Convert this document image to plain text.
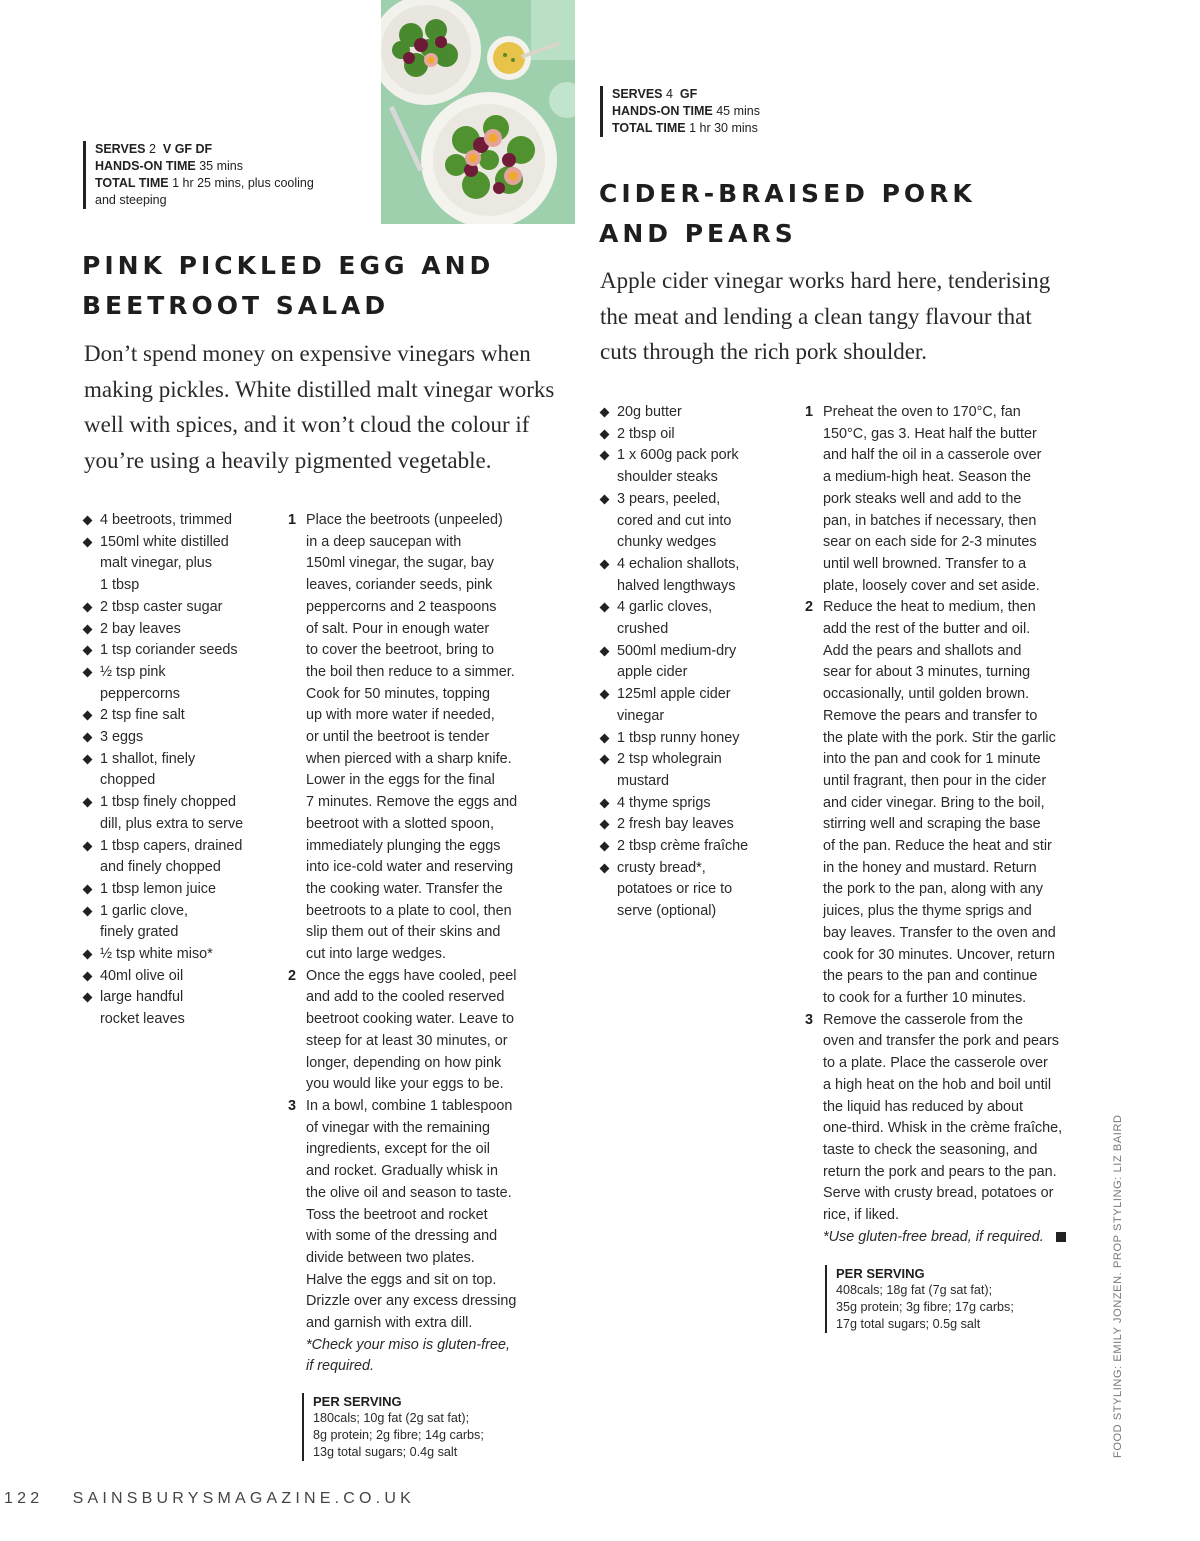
SERVES 2 V GF DF
HANDS-ON TIME 35 mins
TOTAL TIME 1 hr 25 mins, plus cooling
and steeping
PINK PICKLED EGG AND
BEETROOT SALAD
Don’t spend money on expensive vinegars when
making pickles. White distilled malt vinegar works
well with spices, and it won’t cloud the colour if
you’re using a heavily pigmented vegetable.
4 beetroots, trimmed
150ml white distilled
malt vinegar, plus
1 tbsp
2 tbsp caster sugar
2 bay leaves
1 tsp coriander seeds
½ tsp pink
peppercorns
2 tsp fine salt
3 eggs
1 shallot, finely
chopped
1 tbsp finely chopped
dill, plus extra to serve
1 tbsp capers, drained
and finely chopped
1 tbsp lemon juice
1 garlic clove,
finely grated
½ tsp white miso*
40ml olive oil
large handful
rocket leaves
1 Place the beetroots (unpeeled)
in a deep saucepan with
150ml vinegar, the sugar, bay
leaves, coriander seeds, pink
peppercorns and 2 teaspoons
of salt. Pour in enough water
to cover the beetroot, bring to
the boil then reduce to a simmer.
Cook for 50 minutes, topping
up with more water if needed,
or until the beetroot is tender
when pierced with a sharp knife.
Lower in the eggs for the final
7 minutes. Remove the eggs and
beetroot with a slotted spoon,
immediately plunging the eggs
into ice-cold water and reserving
the cooking water. Transfer the
beetroots to a plate to cool, then
slip them out of their skins and
cut into large wedges.
2 Once the eggs have cooled, peel
and add to the cooled reserved
beetroot cooking water. Leave to
steep for at least 30 minutes, or
longer, depending on how pink
you would like your eggs to be.
3 In a bowl, combine 1 tablespoon
of vinegar with the remaining
ingredients, except for the oil
and rocket. Gradually whisk in
the olive oil and season to taste.
Toss the beetroot and rocket
with some of the dressing and
divide between two plates.
Halve the eggs and sit on top.
Drizzle over any excess dressing
and garnish with extra dill.
*Check your miso is gluten-free,
if required.
PER SERVING
180cals; 10g fat (2g sat fat);
8g protein; 2g fibre; 14g carbs;
13g total sugars; 0.4g salt
SERVES 4 GF
HANDS-ON TIME 45 mins
TOTAL TIME 1 hr 30 mins
CIDER-BRAISED PORK
AND PEARS
Apple cider vinegar works hard here, tenderising
the meat and lending a clean tangy flavour that
cuts through the rich pork shoulder.
20g butter
2 tbsp oil
1 x 600g pack pork
shoulder steaks
3 pears, peeled,
cored and cut into
chunky wedges
4 echalion shallots,
halved lengthways
4 garlic cloves,
crushed
500ml medium-dry
apple cider
125ml apple cider
vinegar
1 tbsp runny honey
2 tsp wholegrain
mustard
4 thyme sprigs
2 fresh bay leaves
2 tbsp crème fraîche
crusty bread*,
potatoes or rice to
serve (optional)
1 Preheat the oven to 170°C, fan
150°C, gas 3. Heat half the butter
and half the oil in a casserole over
a medium-high heat. Season the
pork steaks well and add to the
pan, in batches if necessary, then
sear on each side for 2-3 minutes
until well browned. Transfer to a
plate, loosely cover and set aside.
2 Reduce the heat to medium, then
add the rest of the butter and oil.
Add the pears and shallots and
sear for about 3 minutes, turning
occasionally, until golden brown.
Remove the pears and transfer to
the plate with the pork. Stir the garlic
into the pan and cook for 1 minute
until fragrant, then pour in the cider
and cider vinegar. Bring to the boil,
stirring well and scraping the base
of the pan. Reduce the heat and stir
in the honey and mustard. Return
the pork to the pan, along with any
juices, plus the thyme sprigs and
bay leaves. Transfer to the oven and
cook for 30 minutes. Uncover, return
the pears to the pan and continue
to cook for a further 10 minutes.
3 Remove the casserole from the
oven and transfer the pork and pears
to a plate. Place the casserole over
a high heat on the hob and boil until
the liquid has reduced by about
one-third. Whisk in the crème fraîche,
taste to check the seasoning, and
return the pork and pears to the pan.
Serve with crusty bread, potatoes or
rice, if liked.
*Use gluten-free bread, if required.
PER SERVING
408cals; 18g fat (7g sat fat);
35g protein; 3g fibre; 17g carbs;
17g total sugars; 0.5g salt	FOOD STYLING: EMILY JONZEN. PROP STYLING: LIZ BAIRD
122 SAINSBURYSMAGAZINE.CO.UK
